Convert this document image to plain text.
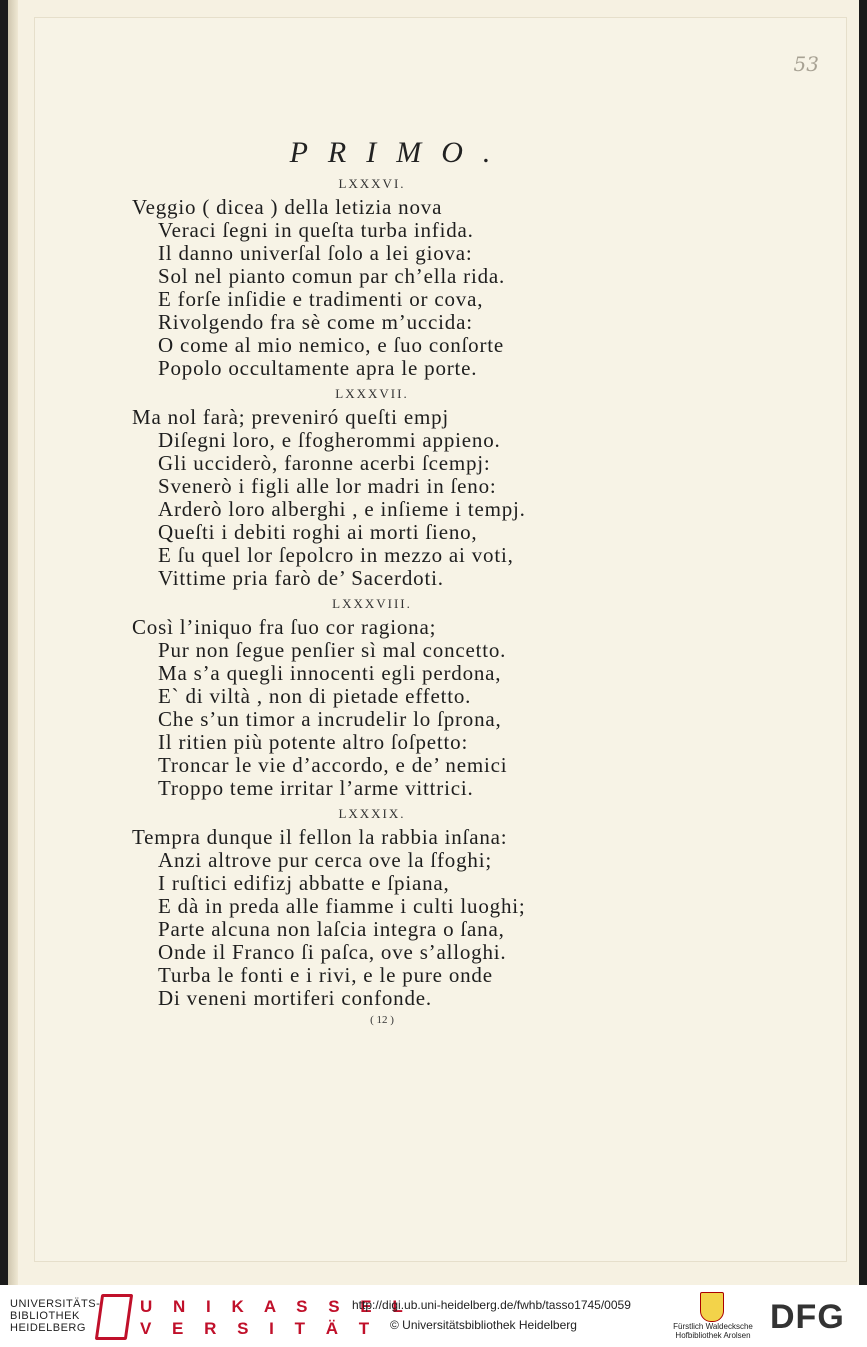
53
PRIMO.
LXXXVI.
Veggio ( dicea ) della letizia nova
Veraci ſegni in queſta turba infida.
Il danno univerſal ſolo a lei giova:
Sol nel pianto comun par ch’ella rida.
E forſe inſidie e tradimenti or cova,
Rivolgendo fra sè come m’uccida:
O come al mio nemico, e ſuo conſorte
Popolo occultamente apra le porte.
LXXXVII.
Ma nol farà; preveniró queſti empj
Diſegni loro, e ſfogherommi appieno.
Gli ucciderò, faronne acerbi ſcempj:
Svenerò i figli alle lor madri in ſeno:
Arderò loro alberghi , e inſieme i tempj.
Queſti i debiti roghi ai morti ſieno,
E ſu quel lor ſepolcro in mezzo ai voti,
Vittime pria farò de’ Sacerdoti.
LXXXVIII.
Così l’iniquo fra ſuo cor ragiona;
Pur non ſegue penſier sì mal concetto.
Ma s’a quegli innocenti egli perdona,
E` di viltà , non di pietade effetto.
Che s’un timor a incrudelir lo ſprona,
Il ritien più potente altro ſoſpetto:
Troncar le vie d’accordo, e de’ nemici
Troppo teme irritar l’arme vittrici.
LXXXIX.
Tempra dunque il fellon la rabbia inſana:
Anzi altrove pur cerca ove la ſfoghi;
I ruſtici edifizj abbatte e ſpiana,
E dà in preda alle fiamme i culti luoghi;
Parte alcuna non laſcia integra o ſana,
Onde il Franco ſi paſca, ove s’alloghi.
Turba le fonti e i rivi, e le pure onde
Di veneni mortiferi confonde.
( 12 )
UNIVERSITÄTS-
BIBLIOTHEK
HEIDELBERG
U N I K A S S E L
V E R S I T Ä T
http://digi.ub.uni-heidelberg.de/fwhb/tasso1745/0059
© Universitätsbibliothek Heidelberg	Fürstlich Waldecksche
Hofbibliothek Arolsen DFG
